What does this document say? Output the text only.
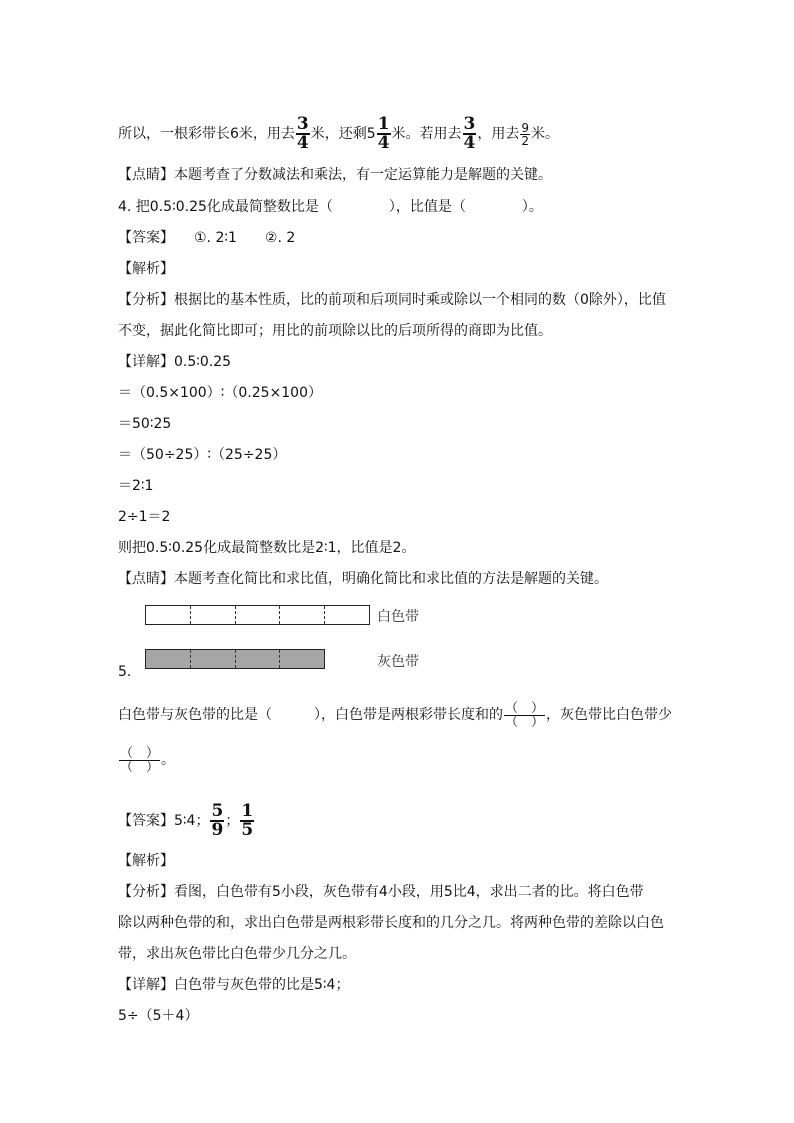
所以，一根彩带长6米，用去 $\frac{3}{4}$ 米，还剩$5 \frac{1}{4}$ 米。若用去 $\frac{3}{4}$ ，用去 $\frac{9}{2}$ 米。
【点睛】本题考查了分数减法和乘法，有一定运算能力是解题的关键。
4. 把0.5∶0.25化成最简整数比是（　　　　），比值是（　　　　）。
【答案】 ①. 2∶1　　②. 2
【解析】
【分析】根据比的基本性质，比的前项和后项同时乘或除以一个相同的数（0除外），比值
不变，据此化简比即可；用比的前项除以比的后项所得的商即为比值。
【详解】0.5∶0.25
＝（0.5×100）∶（0.25×100）
＝50∶25
＝（50÷25）∶（25÷25）
＝2∶1
2÷1＝2
则把0.5∶0.25化成最简整数比是2∶1，比值是2。
【点睛】本题考查化简比和求比值，明确化简比和求比值的方法是解题的关键。
白色带
灰色带
5.
白色带与灰色带的比是（　　　），白色带是两根彩带长度和的 $\frac{( )}{( )}$ ，灰色带比白色带少
$\frac{( )}{( )}$ 。
【答案】5∶4； $\frac{5}{9}$ ； $\frac{1}{5}$
【解析】
【分析】看图，白色带有5小段，灰色带有4小段，用5比4，求出二者的比。将白色带
除以两种色带的和，求出白色带是两根彩带长度和的几分之几。将两种色带的差除以白色
带，求出灰色带比白色带少几分之几。
【详解】白色带与灰色带的比是5∶4；
5÷（5＋4）
